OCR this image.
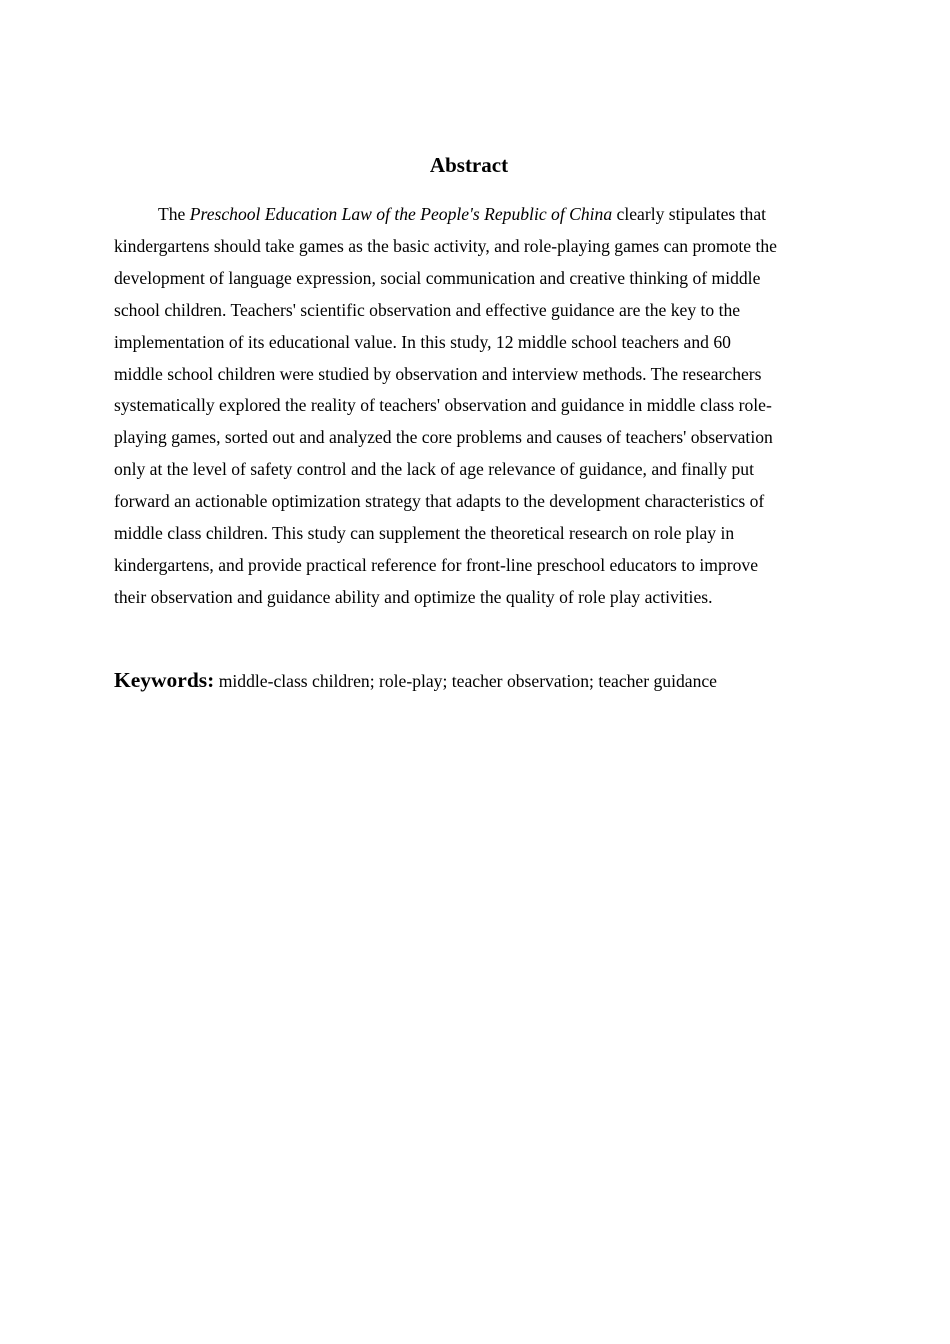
Abstract
The Preschool Education Law of the People's Republic of China clearly stipulates that
kindergartens should take games as the basic activity, and role-playing games can promote the
development of language expression, social communication and creative thinking of middle
school children. Teachers' scientific observation and effective guidance are the key to the
implementation of its educational value. In this study, 12 middle school teachers and 60
middle school children were studied by observation and interview methods. The researchers
systematically explored the reality of teachers' observation and guidance in middle class role-
playing games, sorted out and analyzed the core problems and causes of teachers' observation
only at the level of safety control and the lack of age relevance of guidance, and finally put
forward an actionable optimization strategy that adapts to the development characteristics of
middle class children. This study can supplement the theoretical research on role play in
kindergartens, and provide practical reference for front-line preschool educators to improve
their observation and guidance ability and optimize the quality of role play activities.
Keywords: middle-class children; role-play; teacher observation; teacher guidance
